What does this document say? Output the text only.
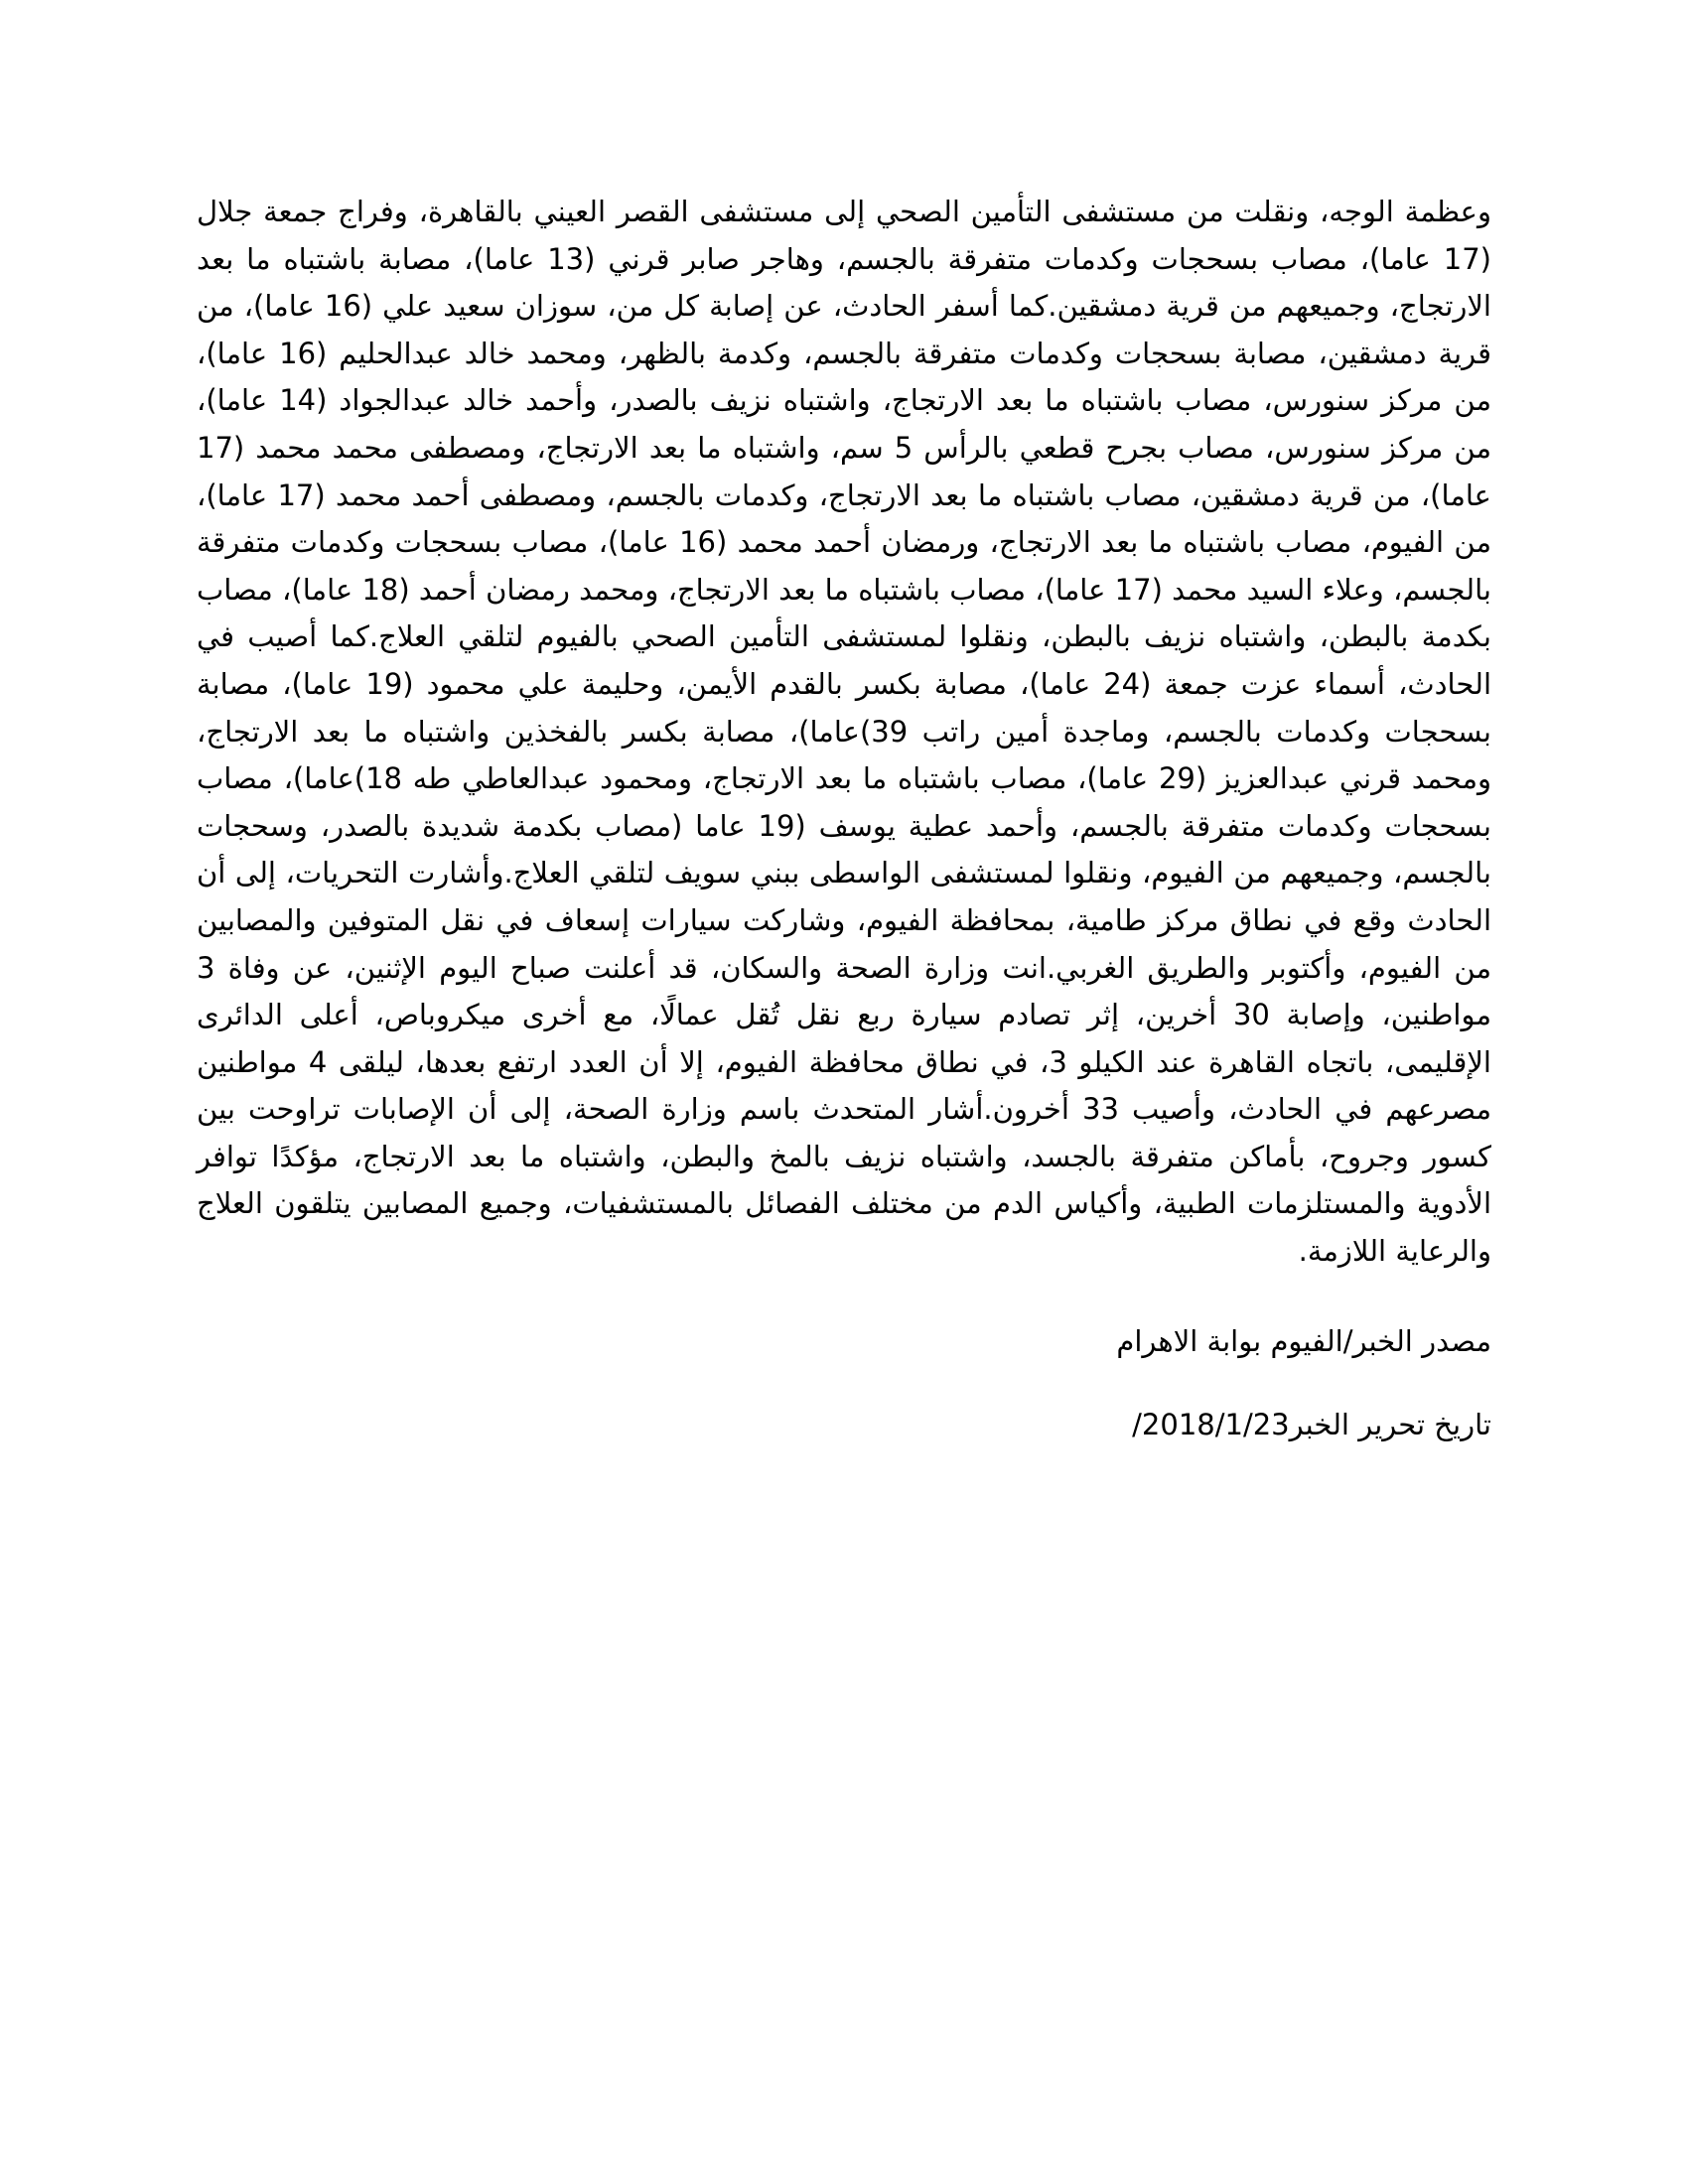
وعظمة الوجه، ونقلت من مستشفى التأمين الصحي إلى مستشفى القصر العيني بالقاهرة، وفراج جمعة جلال (17 عاما)، مصاب بسحجات وكدمات متفرقة بالجسم، وهاجر صابر قرني (13 عاما)، مصابة باشتباه ما بعد الارتجاج، وجميعهم من قرية دمشقين.كما أسفر الحادث، عن إصابة كل من، سوزان سعيد علي (16 عاما)، من قرية دمشقين، مصابة بسحجات وكدمات متفرقة بالجسم، وكدمة بالظهر، ومحمد خالد عبدالحليم (16 عاما)، من مركز سنورس، مصاب باشتباه ما بعد الارتجاج، واشتباه نزيف بالصدر، وأحمد خالد عبدالجواد (14 عاما)، من مركز سنورس، مصاب بجرح قطعي بالرأس 5 سم، واشتباه ما بعد الارتجاج، ومصطفى محمد محمد (17 عاما)، من قرية دمشقين، مصاب باشتباه ما بعد الارتجاج، وكدمات بالجسم، ومصطفى أحمد محمد (17 عاما)، من الفيوم، مصاب باشتباه ما بعد الارتجاج، ورمضان أحمد محمد (16 عاما)، مصاب بسحجات وكدمات متفرقة بالجسم، وعلاء السيد محمد (17 عاما)، مصاب باشتباه ما بعد الارتجاج، ومحمد رمضان أحمد (18 عاما)، مصاب بكدمة بالبطن، واشتباه نزيف بالبطن، ونقلوا لمستشفى التأمين الصحي بالفيوم لتلقي العلاج.كما أصيب في الحادث، أسماء عزت جمعة (24 عاما)، مصابة بكسر بالقدم الأيمن، وحليمة علي محمود (19 عاما)، مصابة بسحجات وكدمات بالجسم، وماجدة أمين راتب 39)عاما)، مصابة بكسر بالفخذين واشتباه ما بعد الارتجاج، ومحمد قرني عبدالعزيز (29 عاما)، مصاب باشتباه ما بعد الارتجاج، ومحمود عبدالعاطي طه 18)عاما)، مصاب بسحجات وكدمات متفرقة بالجسم، وأحمد عطية يوسف (19 عاما (مصاب بكدمة شديدة بالصدر، وسحجات بالجسم، وجميعهم من الفيوم، ونقلوا لمستشفى الواسطى ببني سويف لتلقي العلاج.وأشارت التحريات، إلى أن الحادث وقع في نطاق مركز طامية، بمحافظة الفيوم، وشاركت سيارات إسعاف في نقل المتوفين والمصابين من الفيوم، وأكتوبر والطريق الغربي.انت وزارة الصحة والسكان، قد أعلنت صباح اليوم الإثنين، عن وفاة 3 مواطنين، وإصابة 30 أخرين، إثر تصادم سيارة ربع نقل تُقل عمالًا، مع أخرى ميكروباص، أعلى الدائرى الإقليمى، باتجاه القاهرة عند الكيلو 3، في نطاق محافظة الفيوم، إلا أن العدد ارتفع بعدها، ليلقى 4 مواطنين مصرعهم في الحادث، وأصيب 33 أخرون.أشار المتحدث باسم وزارة الصحة، إلى أن الإصابات تراوحت بين كسور وجروح، بأماكن متفرقة بالجسد، واشتباه نزيف بالمخ والبطن، واشتباه ما بعد الارتجاج، مؤكدًا توافر الأدوية والمستلزمات الطبية، وأكياس الدم من مختلف الفصائل بالمستشفيات، وجميع المصابين يتلقون العلاج والرعاية اللازمة.

مصدر الخبر/الفيوم بوابة الاهرام

تاريخ تحرير الخبر2018/1/23/
